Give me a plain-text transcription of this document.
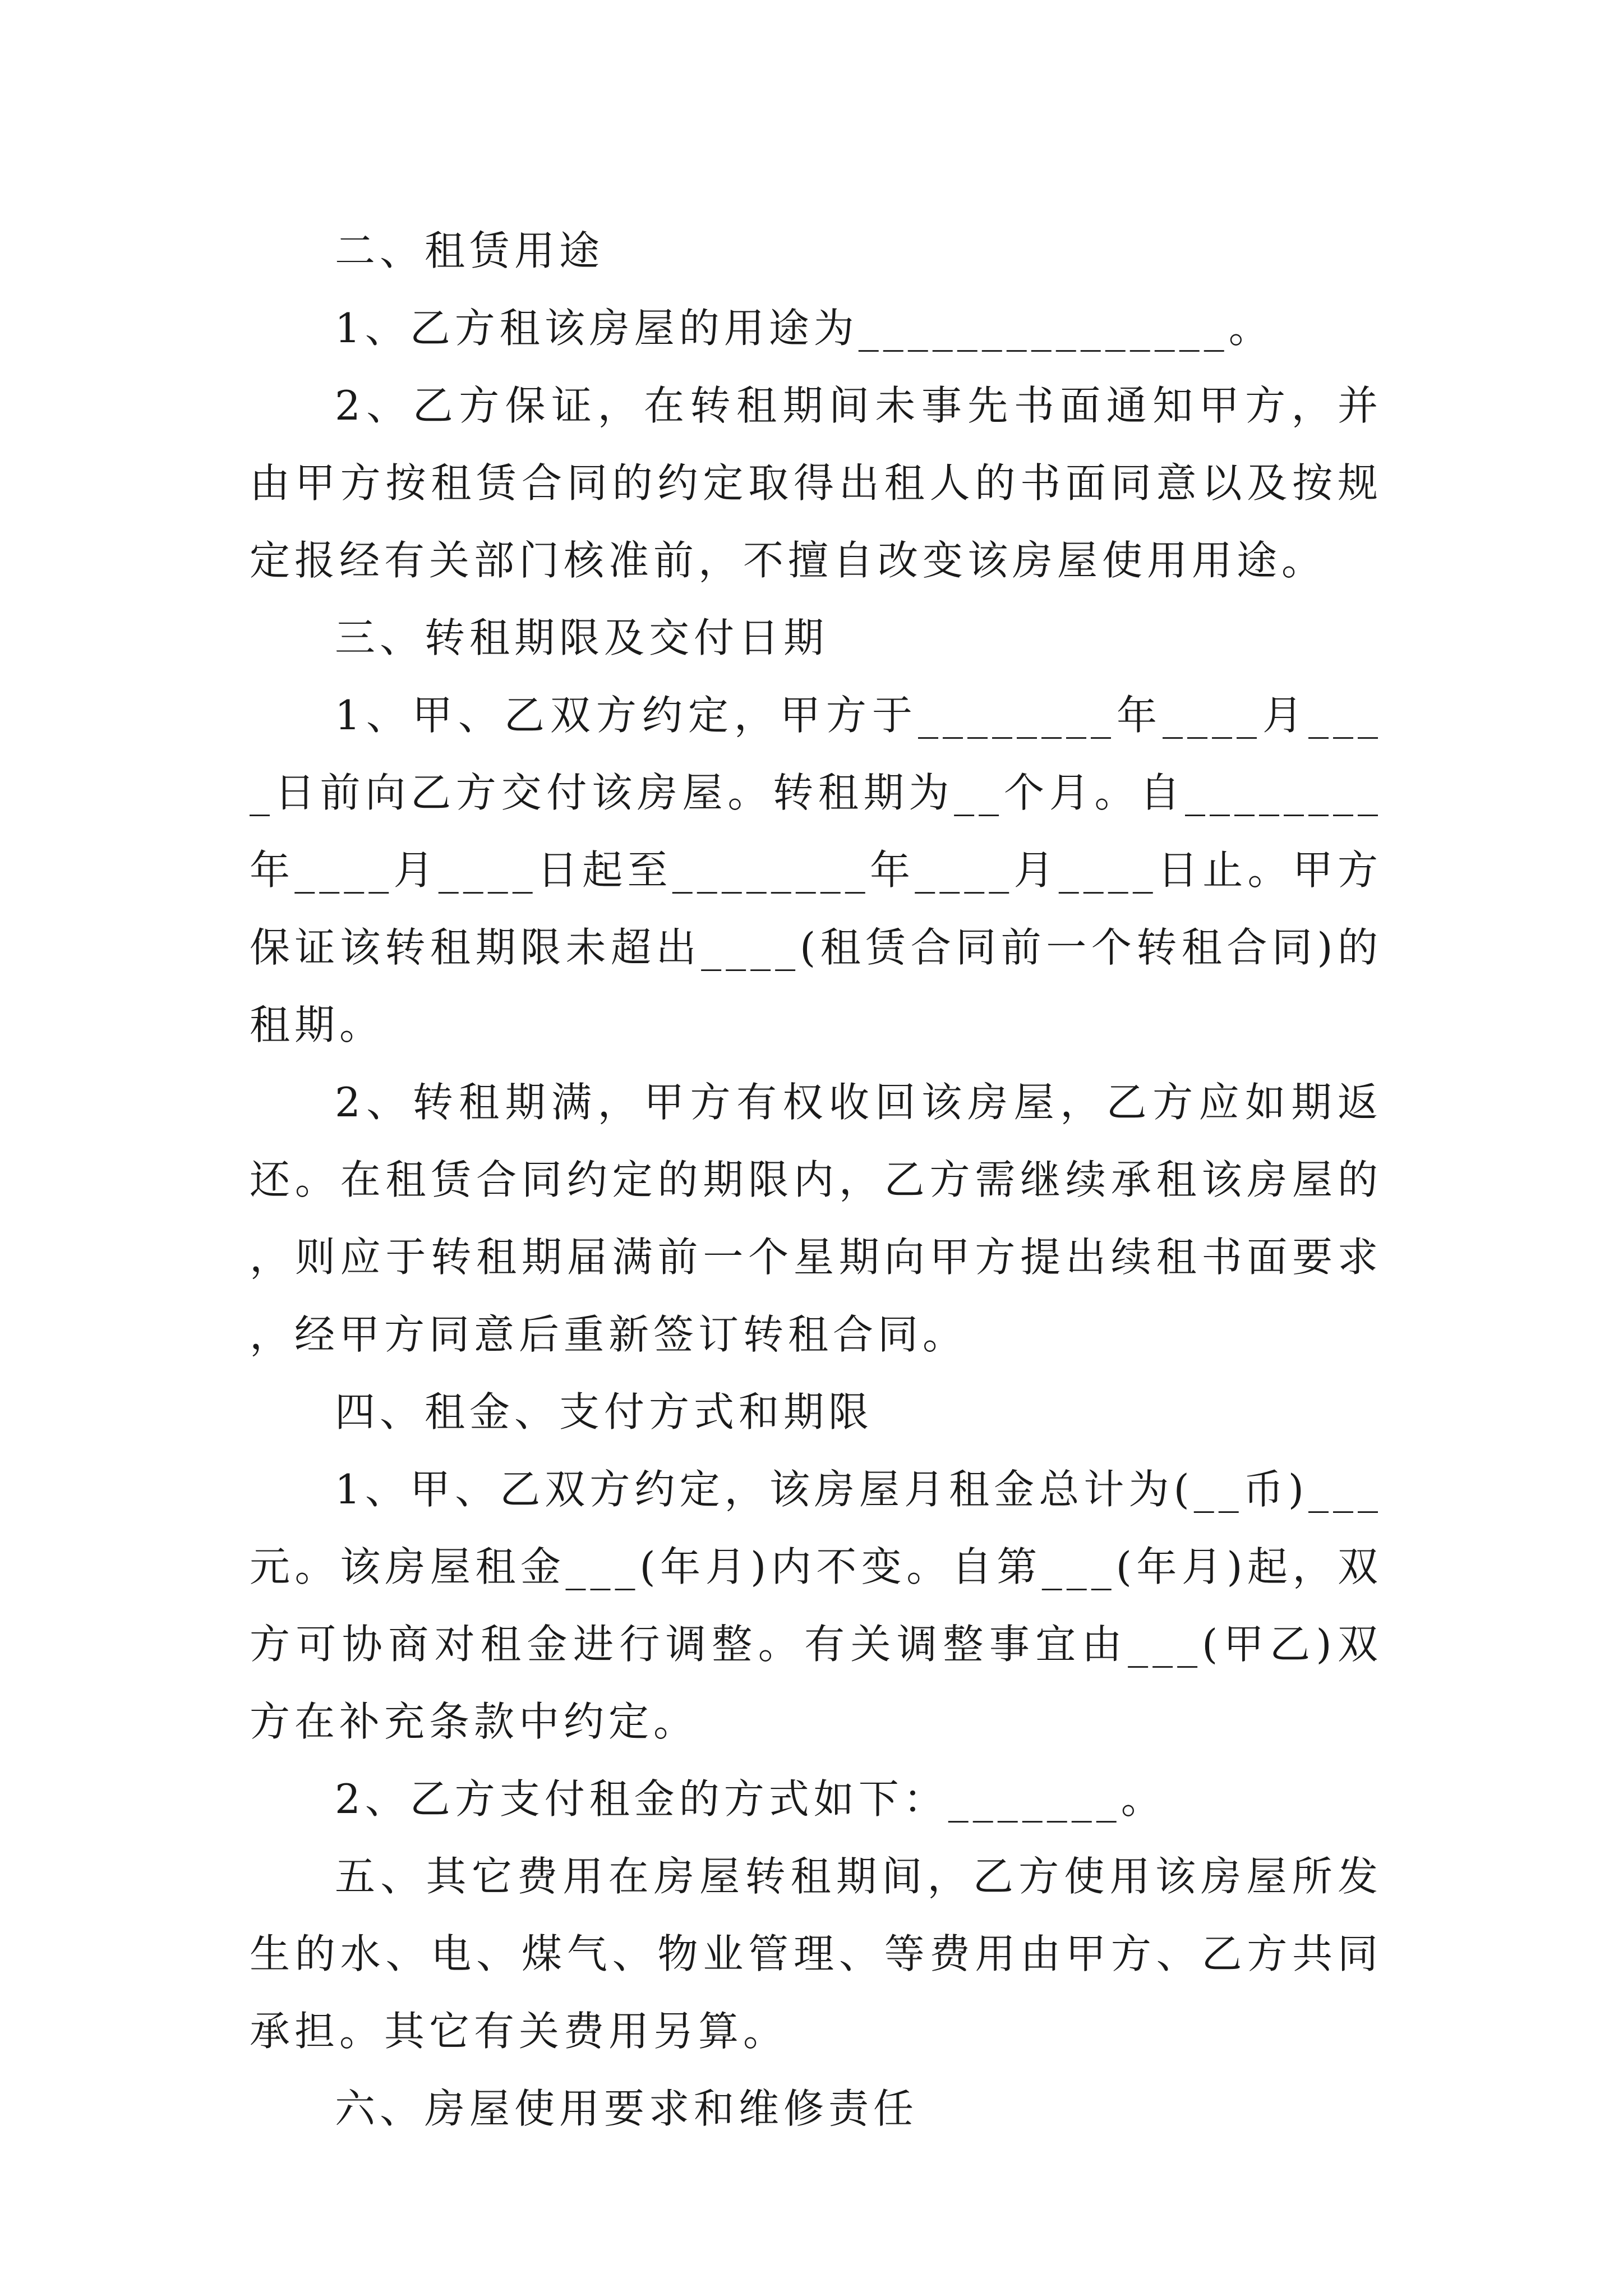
二、租赁用途

1、乙方租该房屋的用途为_______________。

2、乙方保证，在转租期间未事先书面通知甲方，并由甲方按租赁合同的约定取得出租人的书面同意以及按规定报经有关部门核准前，不擅自改变该房屋使用用途。

三、转租期限及交付日期

1、甲、乙双方约定，甲方于________年____月____日前向乙方交付该房屋。转租期为__个月。自________年____月____日起至________年____月____日止。甲方保证该转租期限未超出____(租赁合同前一个转租合同)的租期。

2、转租期满，甲方有权收回该房屋，乙方应如期返还。在租赁合同约定的期限内，乙方需继续承租该房屋的，则应于转租期届满前一个星期向甲方提出续租书面要求，经甲方同意后重新签订转租合同。

四、租金、支付方式和期限

1、甲、乙双方约定，该房屋月租金总计为(__币)___元。该房屋租金___(年月)内不变。自第___(年月)起，双方可协商对租金进行调整。有关调整事宜由___(甲乙)双方在补充条款中约定。

2、乙方支付租金的方式如下：_______。

五、其它费用在房屋转租期间，乙方使用该房屋所发生的水、电、煤气、物业管理、等费用由甲方、乙方共同承担。其它有关费用另算。

六、房屋使用要求和维修责任
